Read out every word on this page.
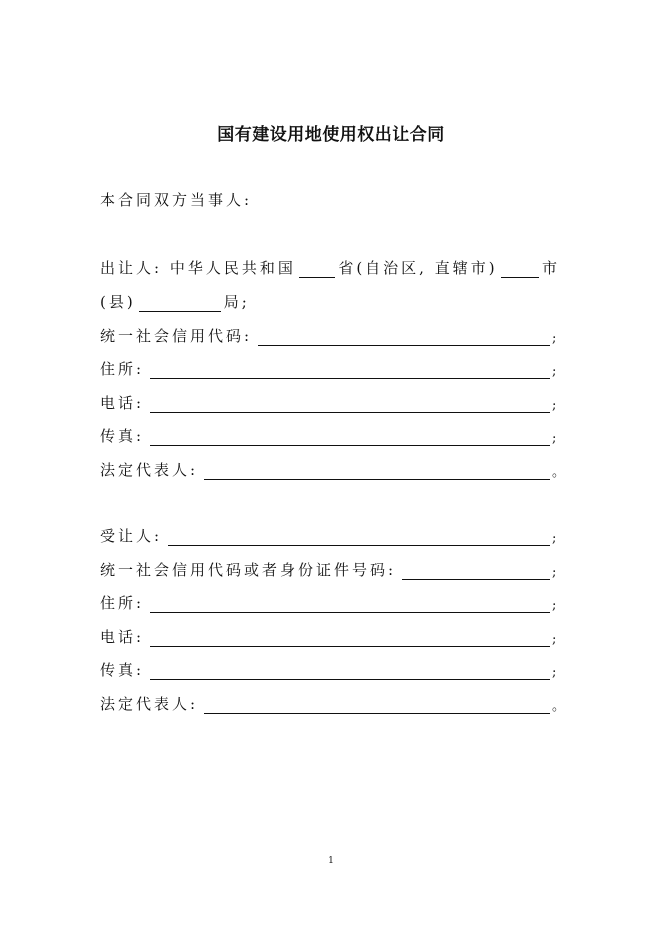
国有建设用地使用权出让合同
本合同双方当事人:
出让人: 中华人民共和国	省(自治区, 直辖市)	市
(县)	局;
统一社会信用代码:	;
住所:	;
电话:	;
传真:	;
法定代表人:	。
受让人:	;
统一社会信用代码或者身份证件号码:	;
住所:	;
电话:	;
传真:	;
法定代表人:	。
1
